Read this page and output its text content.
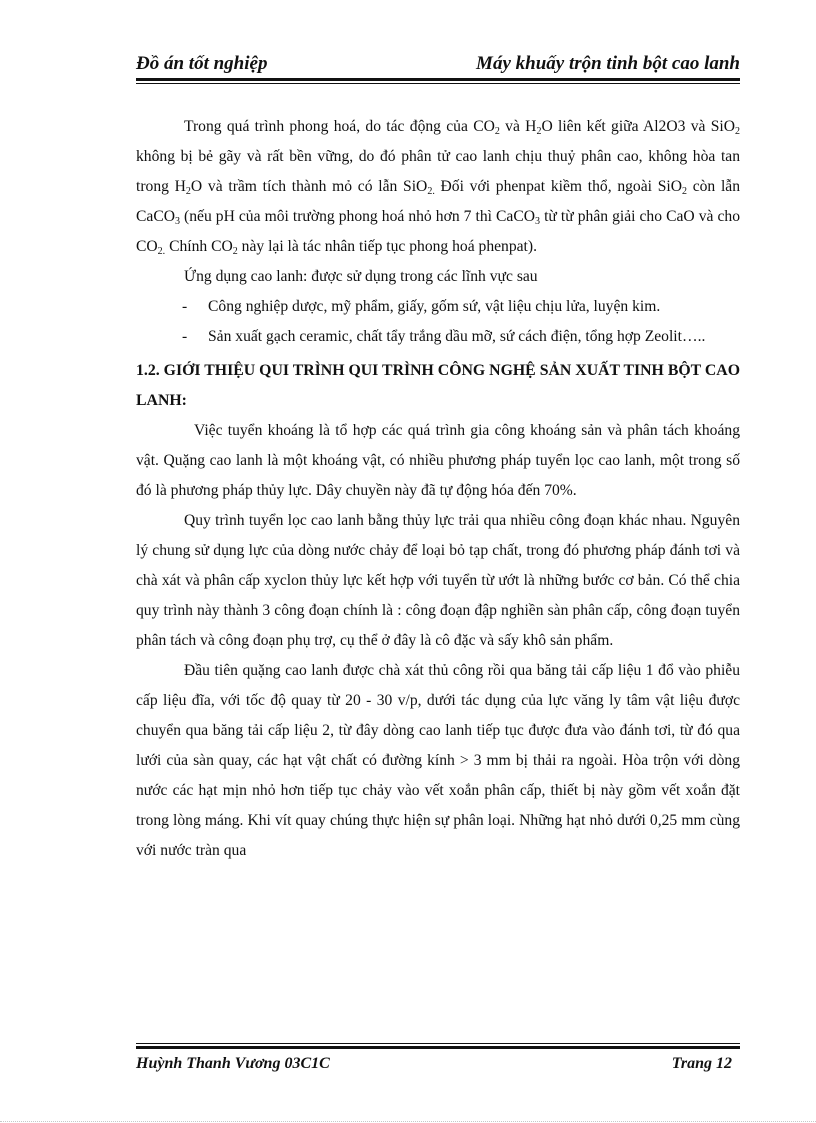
Đồ án tốt nghiệp	Máy khuấy trộn tinh bột cao lanh

Trong quá trình phong hoá, do tác động của $CO_2$ và $H_2O$ liên kết giữa Al2O3 và SiO$_2$ không bị bẻ gãy và rất bền vững, do đó phân tử cao lanh chịu thuỷ phân cao, không hòa tan trong $H_2O$ và trầm tích thành mỏ có lẫn SiO$_{2.}$ Đối với phenpat kiềm thổ, ngoài SiO$_2$ còn lẫn CaCO$_3$ (nếu pH của môi trường phong hoá nhỏ hơn 7 thì CaCO$_3$ từ từ phân giải cho CaO và cho $CO_{2.}$ Chính $CO_2$ này lại là tác nhân tiếp tục phong hoá phenpat).

Ứng dụng cao lanh: được sử dụng trong các lĩnh vực sau

- Công nghiệp dược, mỹ phẩm, giấy, gốm sứ, vật liệu chịu lửa, luyện kim.

- Sản xuất gạch ceramic, chất tẩy trắng dầu mỡ, sứ cách điện, tổng hợp Zeolit…..

1.2. GIỚI THIỆU QUI TRÌNH QUI TRÌNH CÔNG NGHỆ SẢN XUẤT TINH BỘT CAO LANH:

Việc tuyển khoáng là tổ hợp các quá trình gia công khoáng sản và phân tách khoáng vật. Quặng cao lanh là một khoáng vật, có nhiều phương pháp tuyển lọc cao lanh, một trong số đó là phương pháp thủy lực. Dây chuyền này đã tự động hóa đến 70%.

Quy trình tuyển lọc cao lanh bằng thủy lực trải qua nhiều công đoạn khác nhau. Nguyên lý chung sử dụng lực của dòng nước chảy để loại bỏ tạp chất, trong đó phương pháp đánh tơi và chà xát và phân cấp xyclon thủy lực kết hợp với tuyển từ ướt là những bước cơ bản. Có thể chia quy trình này thành 3 công đoạn chính là : công đoạn đập nghiền sàn phân cấp, công đoạn tuyển phân tách và công đoạn phụ trợ, cụ thể ở đây là cô đặc và sấy khô sản phẩm.

Đầu tiên quặng cao lanh được chà xát thủ công rồi qua băng tải cấp liệu 1 đổ vào phiễu cấp liệu đĩa, với tốc độ quay từ 20 - 30 v/p, dưới tác dụng của lực văng ly tâm vật liệu được chuyển qua băng tải cấp liệu 2, từ đây dòng cao lanh tiếp tục được đưa vào đánh tơi, từ đó qua lưới của sàn quay, các hạt vật chất có đường kính > 3 mm bị thải ra ngoài. Hòa trộn với dòng nước các hạt mịn nhỏ hơn tiếp tục chảy vào vết xoắn phân cấp, thiết bị này gồm vết xoắn đặt trong lòng máng. Khi vít quay chúng thực hiện sự phân loại. Những hạt nhỏ dưới 0,25 mm cùng với nước tràn qua

Huỳnh Thanh Vương 03C1C	Trang 12
